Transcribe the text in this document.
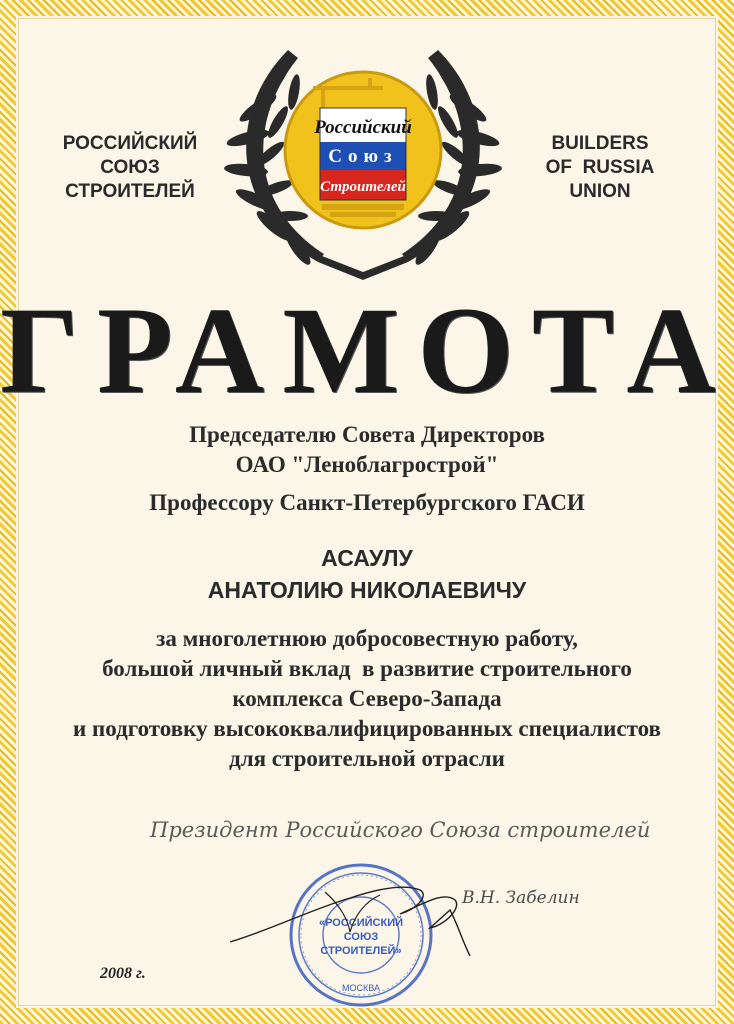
РОССИЙСКИЙ
СОЮЗ
СТРОИТЕЛЕЙ
BUILDERS
OF  RUSSIA
UNION
Российский
Союз
Строителей
ГРАМОТА
Председателю Совета Директоров
ОАО "Леноблагрострой"
Профессору Санкт-Петербургского ГАСИ
АСАУЛУ
АНАТОЛИЮ НИКОЛАЕВИЧУ
за многолетнюю добросовестную работу,
большой личный вклад  в развитие строительного
комплекса Северо-Запада
и подготовку высококвалифицированных специалистов
для строительной отрасли
Президент Российского Союза строителей
«РОССИЙСКИЙ
СОЮЗ
СТРОИТЕЛЕЙ»
МОСКВА
В.Н. Забелин
2008 г.
